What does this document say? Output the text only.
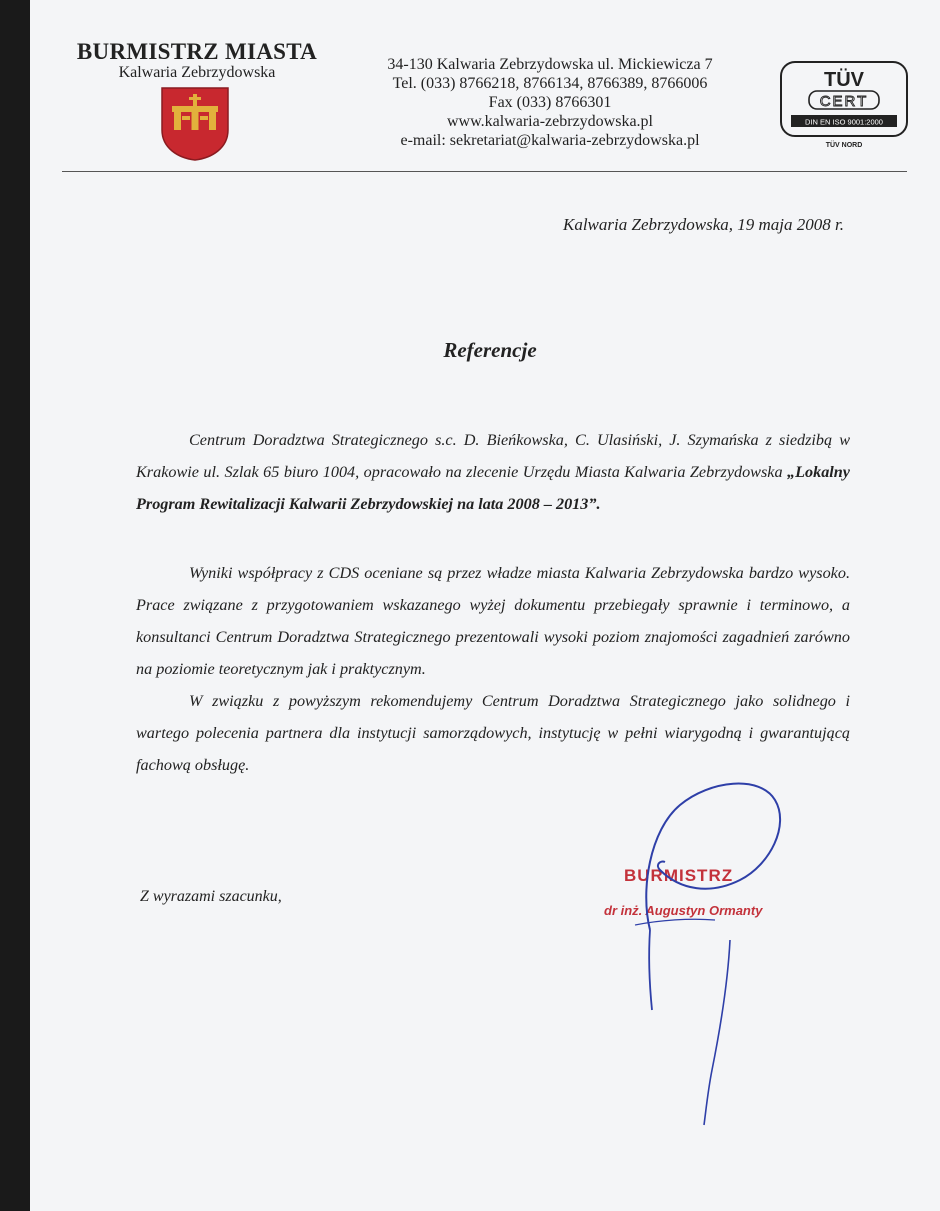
BURMISTRZ MIASTA
Kalwaria Zebrzydowska	34-130 Kalwaria Zebrzydowska ul. Mickiewicza 7
Tel. (033) 8766218, 8766134, 8766389, 8766006
Fax (033) 8766301
www.kalwaria-zebrzydowska.pl
e-mail: sekretariat@kalwaria-zebrzydowska.pl
TÜV
CERT
DIN EN ISO 9001:2000
TÜV NORD
Kalwaria Zebrzydowska, 19 maja 2008 r.
Referencje

Centrum Doradztwa Strategicznego s.c. D. Bieńkowska, C. Ulasiński, J. Szymańska z siedzibą w Krakowie ul. Szlak 65 biuro 1004, opracowało na zlecenie Urzędu Miasta Kalwaria Zebrzydowska „Lokalny Program Rewitalizacji Kalwarii Zebrzydowskiej na lata 2008 – 2013”.

Wyniki współpracy z CDS oceniane są przez władze miasta Kalwaria Zebrzydowska bardzo wysoko. Prace związane z przygotowaniem wskazanego wyżej dokumentu przebiegały sprawnie i terminowo, a konsultanci Centrum Doradztwa Strategicznego prezentowali wysoki poziom znajomości zagadnień zarówno na poziomie teoretycznym jak i praktycznym.

W związku z powyższym rekomendujemy Centrum Doradztwa Strategicznego jako solidnego i wartego polecenia partnera dla instytucji samorządowych, instytucję w pełni wiarygodną i gwarantującą fachową obsługę.

Z wyrazami szacunku,
BURMISTRZ
dr inż. Augustyn Ormanty
